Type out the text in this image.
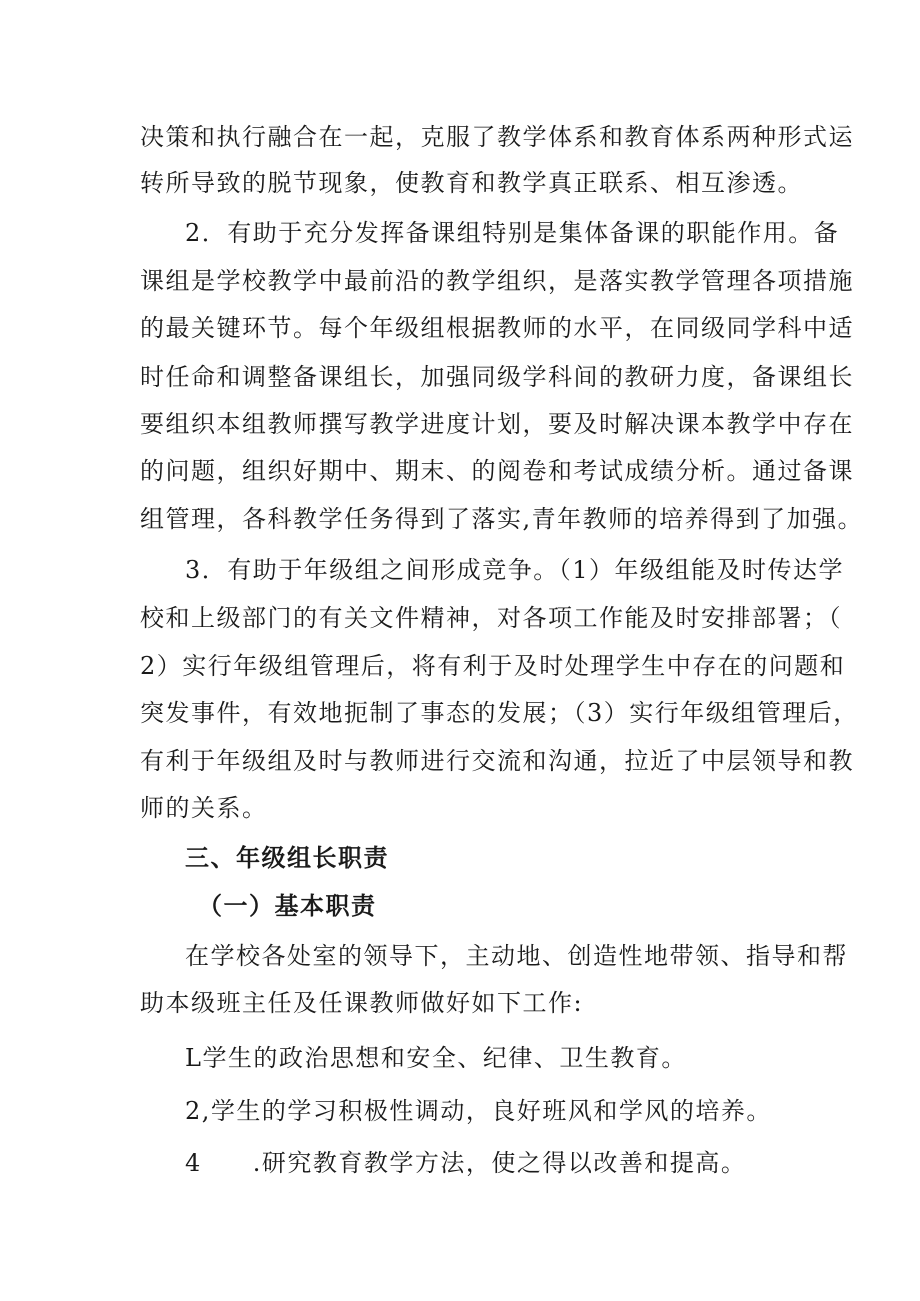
决策和执行融合在一起，克服了教学体系和教育体系两种形式运
转所导致的脱节现象，使教育和教学真正联系、相互渗透。
2．有助于充分发挥备课组特别是集体备课的职能作用。备
课组是学校教学中最前沿的教学组织，是落实教学管理各项措施
的最关键环节。每个年级组根据教师的水平，在同级同学科中适
时任命和调整备课组长，加强同级学科间的教研力度，备课组长
要组织本组教师撰写教学进度计划，要及时解决课本教学中存在
的问题，组织好期中、期末、的阅卷和考试成绩分析。通过备课
组管理，各科教学任务得到了落实,青年教师的培养得到了加强。
3．有助于年级组之间形成竞争。（1）年级组能及时传达学
校和上级部门的有关文件精神，对各项工作能及时安排部署；（
2）实行年级组管理后，将有利于及时处理学生中存在的问题和
突发事件，有效地扼制了事态的发展；（3）实行年级组管理后，
有利于年级组及时与教师进行交流和沟通，拉近了中层领导和教
师的关系。
三、年级组长职责
（一）基本职责
在学校各处室的领导下，主动地、创造性地带领、指导和帮
助本级班主任及任课教师做好如下工作:
L学生的政治思想和安全、纪律、卫生教育。
2,学生的学习积极性调动，良好班风和学风的培养。
4　　.研究教育教学方法，使之得以改善和提高。
